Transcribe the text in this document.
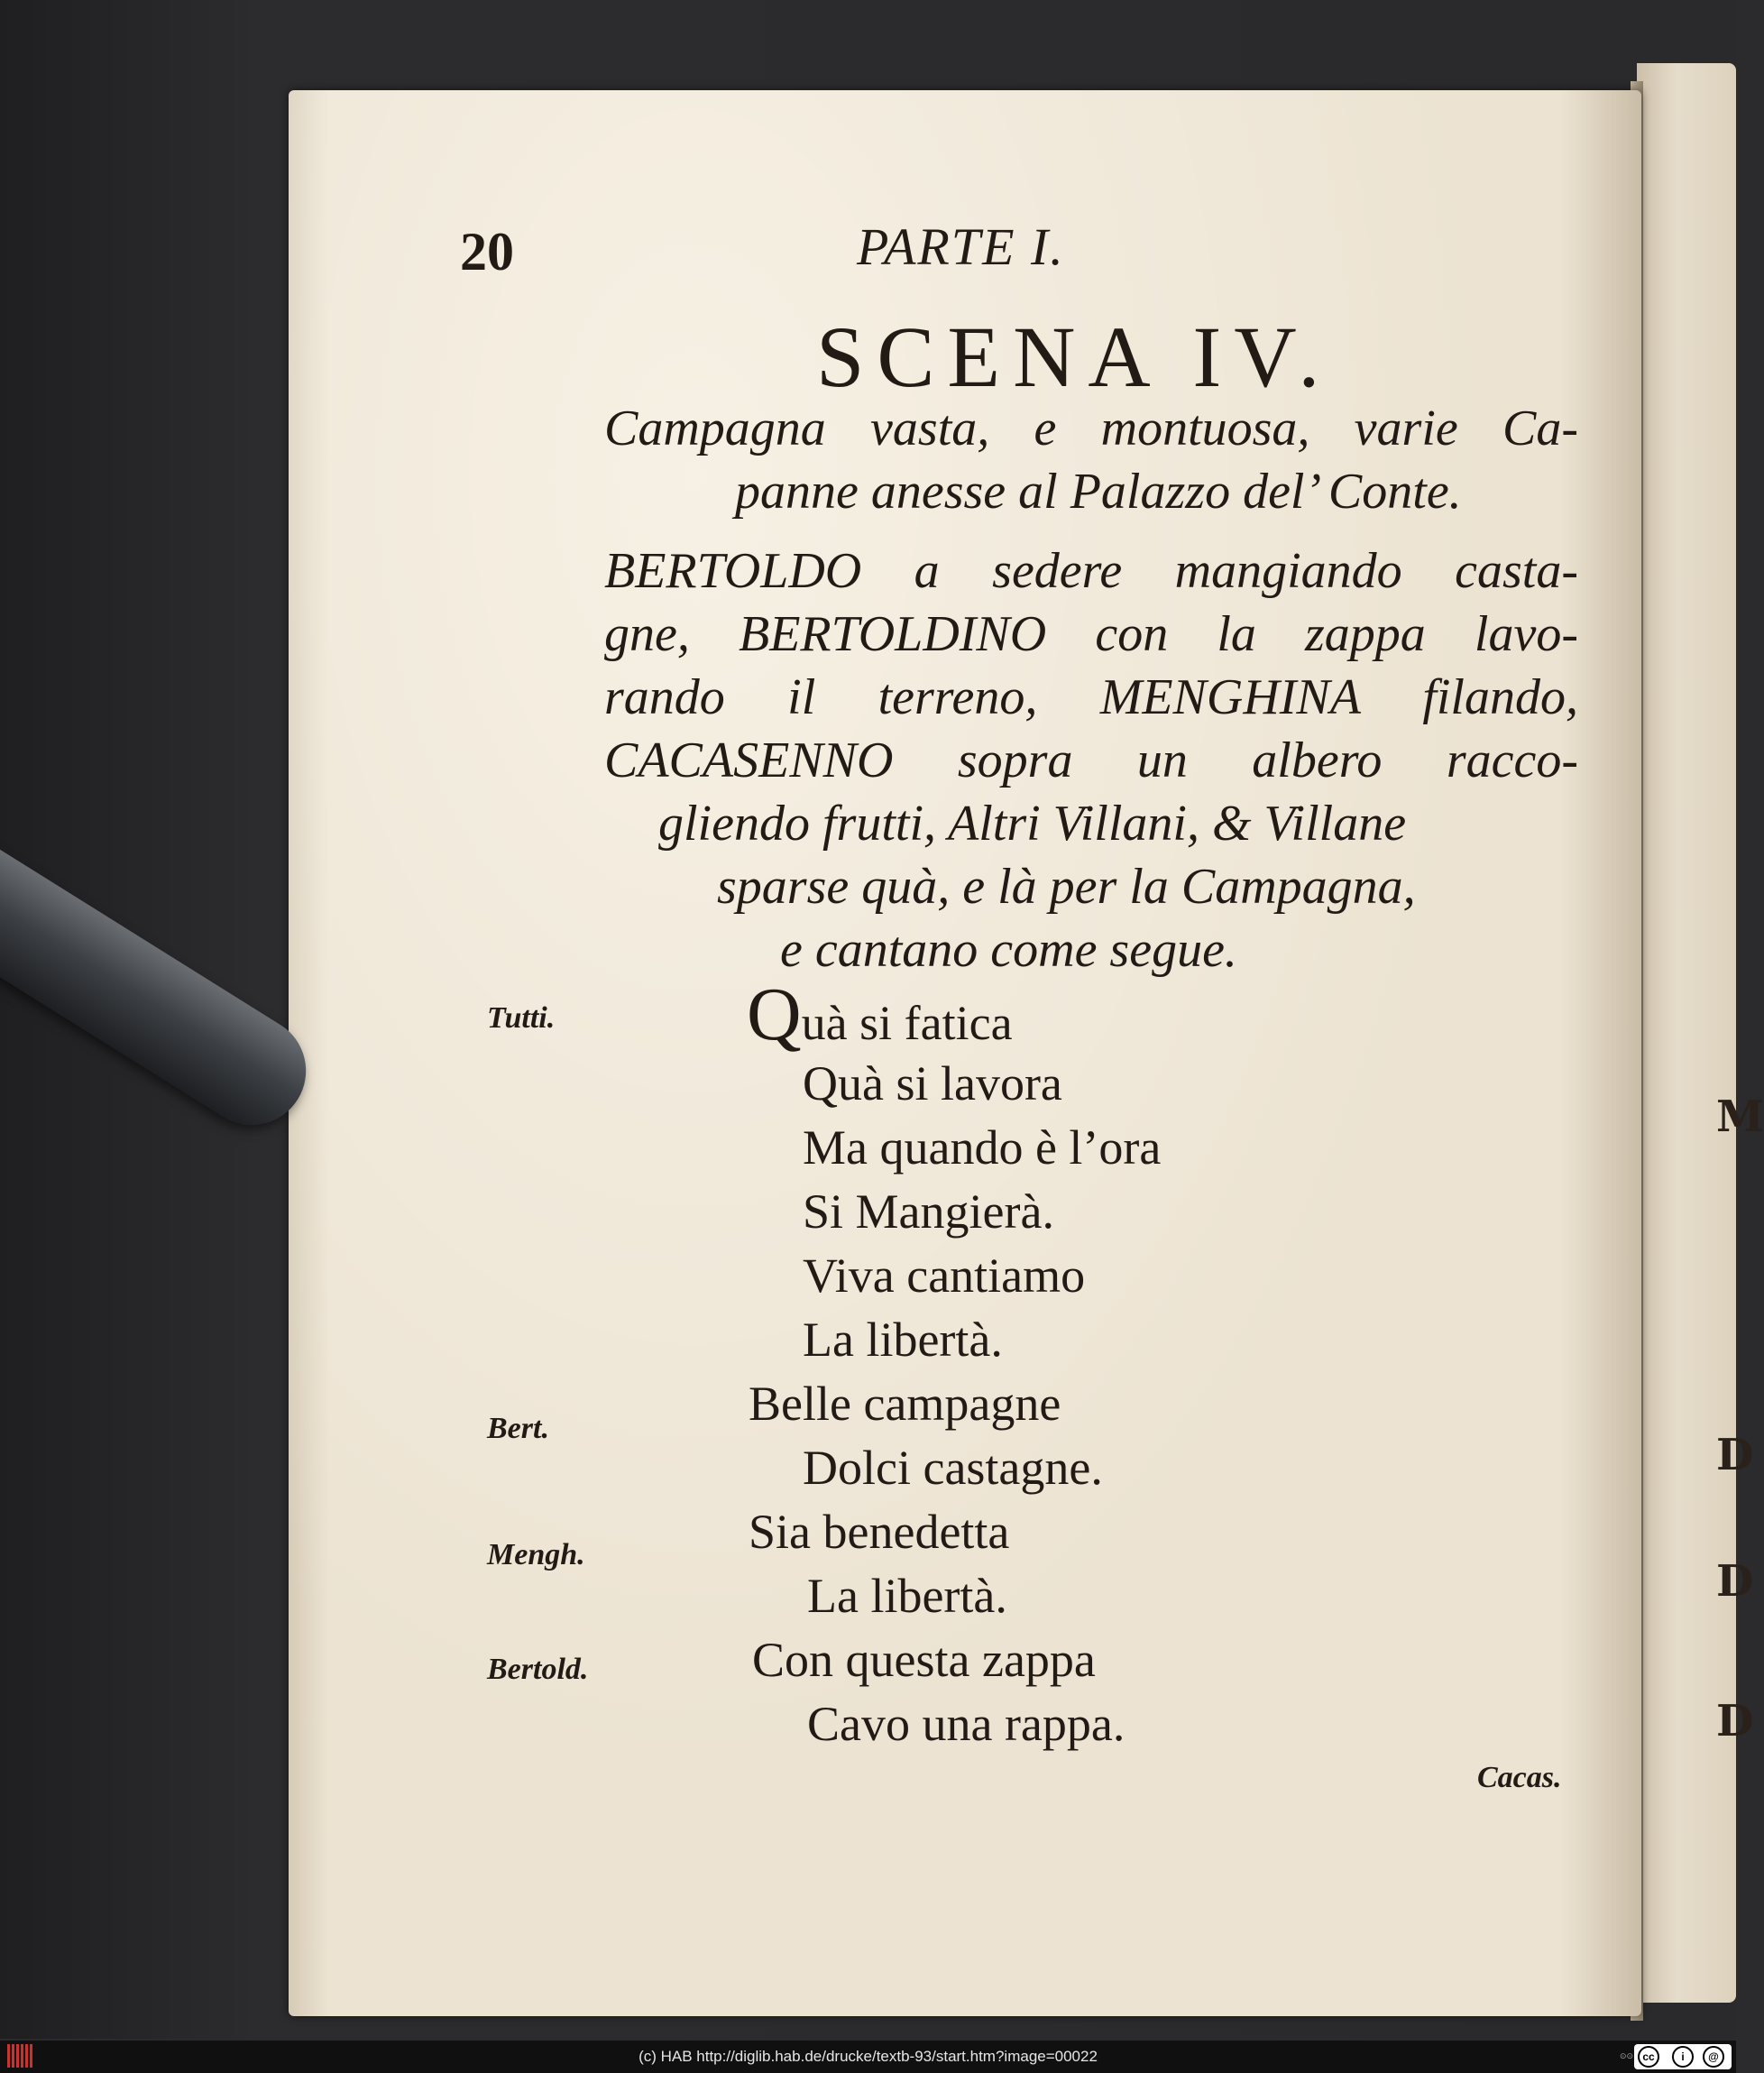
M
D
D
D
20	PARTE I.
SCENA IV.
Campagna vasta, e montuosa, varie Ca-
panne anesse al Palazzo del’ Conte.
BERTOLDO a sedere mangiando casta-
gne, BERTOLDINO con la zappa lavo-
rando il terreno, MENGHINA filando,
CACASENNO sopra un albero racco-
gliendo frutti, Altri Villani, & Villane
sparse quà, e là per la Campagna,
e cantano come segue.
Tutti.	Quà si fatica
Quà si lavora
Ma quando è l’ora
Si Mangierà.
Viva cantiamo
La libertà.
Bert.	Belle campagne
Dolci castagne.
Mengh.	Sia benedetta
La libertà.
Bertold.	Con questa zappa
Cavo una rappa.
Cacas.
(c) HAB http://diglib.hab.de/drucke/textb-93/start.htm?image=00022	⊙⊙ cc	i	@
